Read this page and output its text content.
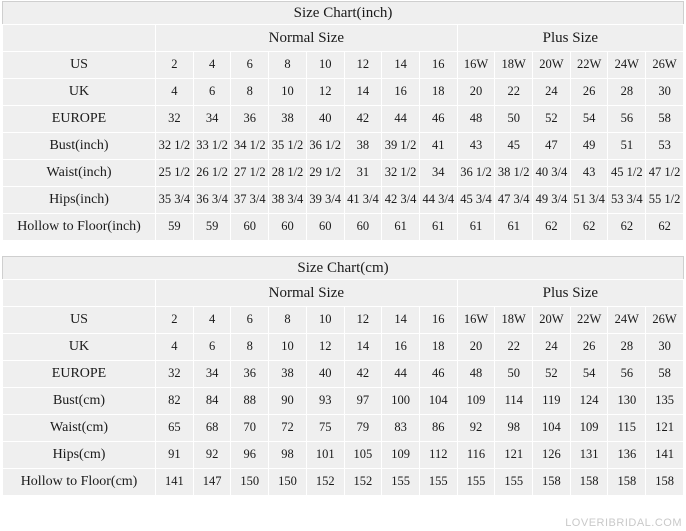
Size Chart(inch)														
	Normal Size								Plus Size					
US	2	4	6	8	10	12	14	16	16W	18W	20W	22W	24W	26W
UK	4	6	8	10	12	14	16	18	20	22	24	26	28	30
EUROPE	32	34	36	38	40	42	44	46	48	50	52	54	56	58
Bust(inch)	32 1/2	33 1/2	34 1/2	35 1/2	36 1/2	38	39 1/2	41	43	45	47	49	51	53
Waist(inch)	25 1/2	26 1/2	27 1/2	28 1/2	29 1/2	31	32 1/2	34	36 1/2	38 1/2	40 3/4	43	45 1/2	47 1/2
Hips(inch)	35 3/4	36 3/4	37 3/4	38 3/4	39 3/4	41 3/4	42 3/4	44 3/4	45 3/4	47 3/4	49 3/4	51 3/4	53 3/4	55 1/2
Hollow to Floor(inch)	59	59	60	60	60	60	61	61	61	61	62	62	62	62
Size Chart(cm)														
	Normal Size								Plus Size					
US	2	4	6	8	10	12	14	16	16W	18W	20W	22W	24W	26W
UK	4	6	8	10	12	14	16	18	20	22	24	26	28	30
EUROPE	32	34	36	38	40	42	44	46	48	50	52	54	56	58
Bust(cm)	82	84	88	90	93	97	100	104	109	114	119	124	130	135
Waist(cm)	65	68	70	72	75	79	83	86	92	98	104	109	115	121
Hips(cm)	91	92	96	98	101	105	109	112	116	121	126	131	136	141
Hollow to Floor(cm)	141	147	150	150	152	152	155	155	155	155	158	158	158	158
LOVERIBRIDAL.COM
